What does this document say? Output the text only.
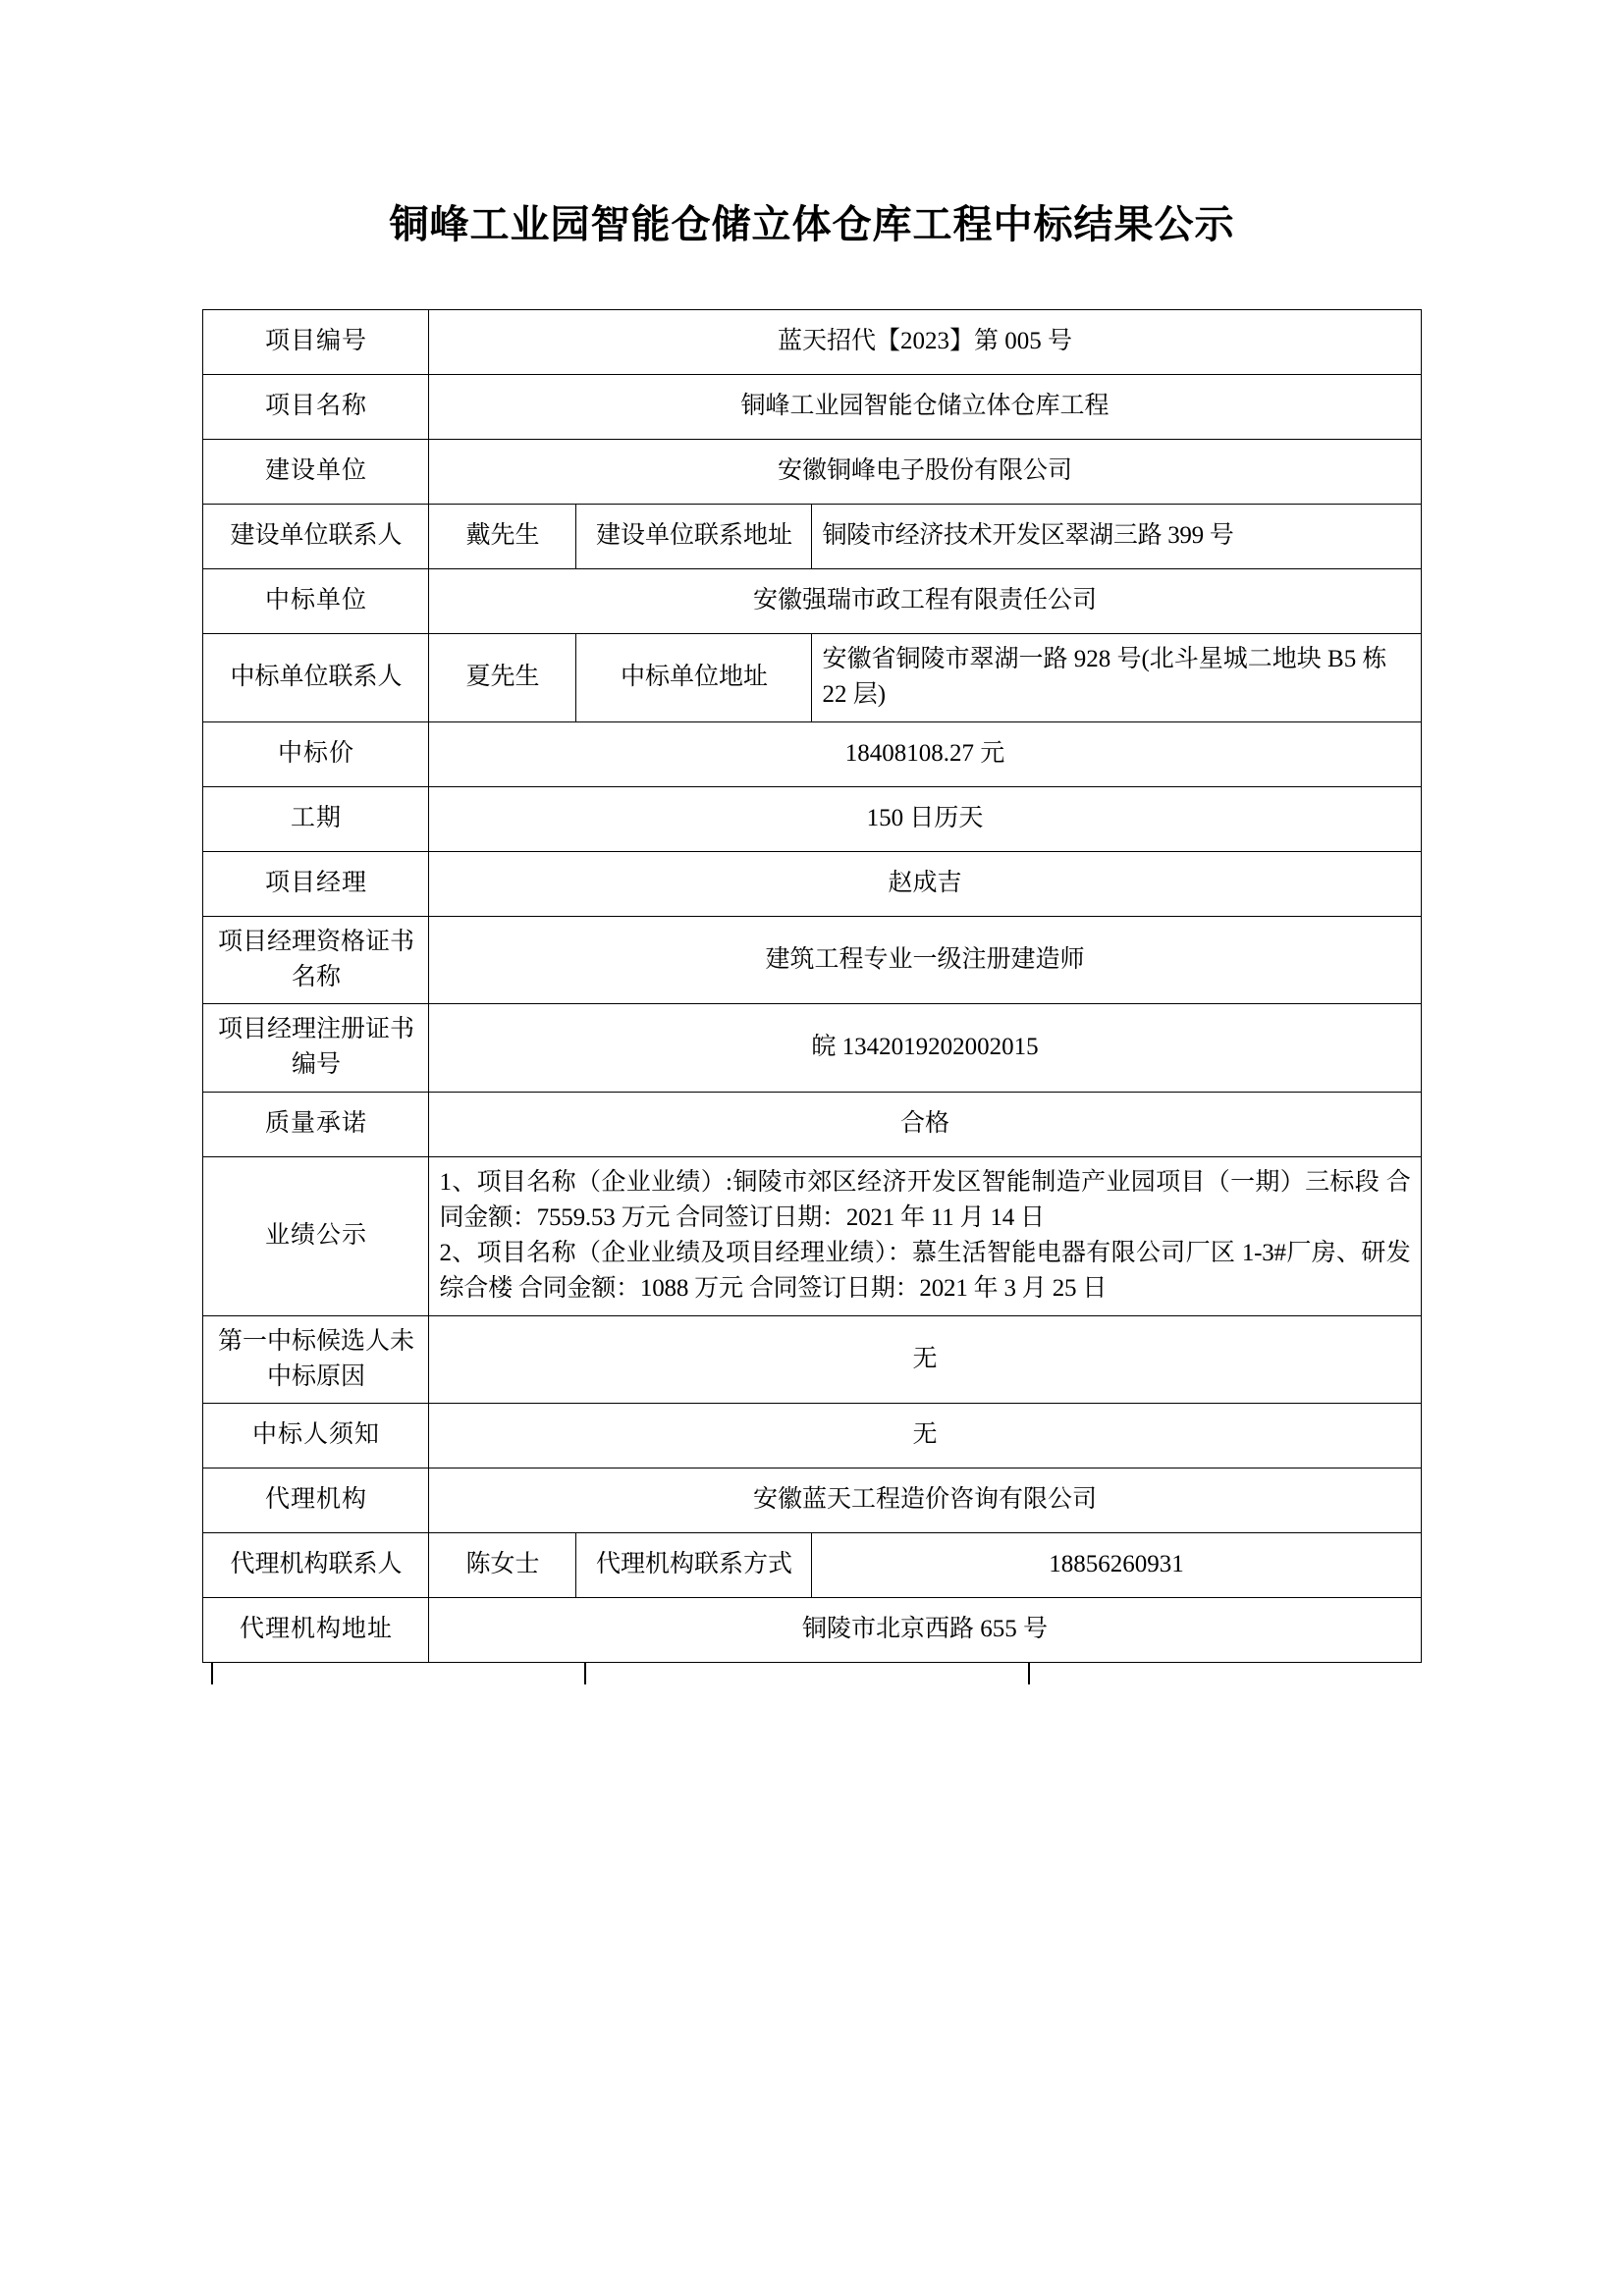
铜峰工业园智能仓储立体仓库工程中标结果公示
项目编号	蓝天招代【2023】第 005 号		
项目名称	铜峰工业园智能仓储立体仓库工程		
建设单位	安徽铜峰电子股份有限公司		
建设单位联系人	戴先生	建设单位联系地址	铜陵市经济技术开发区翠湖三路 399 号
中标单位	安徽强瑞市政工程有限责任公司		
中标单位联系人	夏先生	中标单位地址	安徽省铜陵市翠湖一路 928 号(北斗星城二地块 B5 栋 22 层)
中标价	18408108.27 元		
工期	150 日历天		
项目经理	赵成吉		
项目经理资格证书名称	建筑工程专业一级注册建造师		
项目经理注册证书编号	皖 1342019202002015		
质量承诺	合格		
业绩公示	1、项目名称（企业业绩）:铜陵市郊区经济开发区智能制造产业园项目（一期）三标段 合同金额：7559.53 万元 合同签订日期：2021 年 11 月 14 日

2、项目名称（企业业绩及项目经理业绩）：慕生活智能电器有限公司厂区 1-3#厂房、研发综合楼 合同金额：1088 万元 合同签订日期：2021 年 3 月 25 日		

第一中标候选人未中标原因	无		
中标人须知	无		
代理机构	安徽蓝天工程造价咨询有限公司		
代理机构联系人	陈女士	代理机构联系方式	18856260931
代理机构地址	铜陵市北京西路 655 号		
